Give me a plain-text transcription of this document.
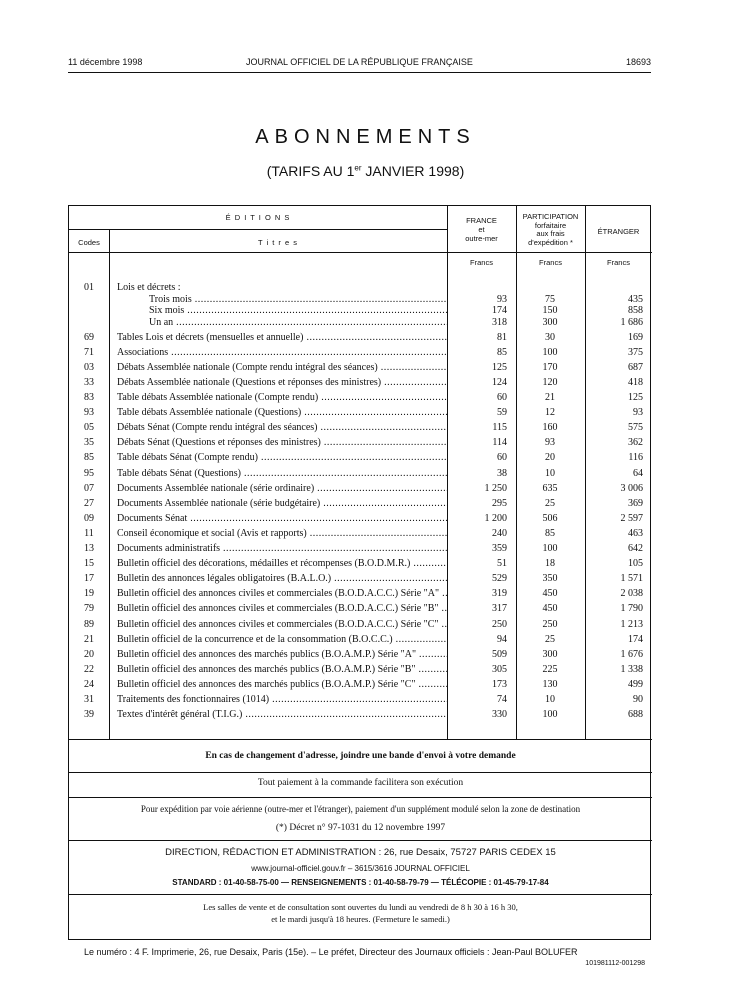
11 décembre 1998	JOURNAL OFFICIEL DE LA RÉPUBLIQUE FRANÇAISE	18693
ABONNEMENTS
(TARIFS AU 1er JANVIER 1998)
É D I T I O N S
Codes	T i t r e s
FRANCE
et
outre-mer
PARTICIPATION
forfaitaire
aux frais
d'expédition *
ÉTRANGER
Francs	Francs	Francs
01	Lois et décrets :
Trois mois .....	93	75	435
Six mois .....	174	150	858
Un an .....	318	300	1 686
69	Tables Lois et décrets (mensuelles et annuelle) .....	81	30	169
71	Associations .....	85	100	375
03	Débats Assemblée nationale (Compte rendu intégral des séances) .....	125	170	687
33	Débats Assemblée nationale (Questions et réponses des ministres) .....	124	120	418
83	Table débats Assemblée nationale (Compte rendu) .....	60	21	125
93	Table débats Assemblée nationale (Questions) .....	59	12	93
05	Débats Sénat (Compte rendu intégral des séances) .....	115	160	575
35	Débats Sénat (Questions et réponses des ministres) .....	114	93	362
85	Table débats Sénat (Compte rendu) .....	60	20	116
95	Table débats Sénat (Questions) .....	38	10	64
07	Documents Assemblée nationale (série ordinaire) .....	1 250	635	3 006
27	Documents Assemblée nationale (série budgétaire) .....	295	25	369
09	Documents Sénat .....	1 200	506	2 597
11	Conseil économique et social (Avis et rapports) .....	240	85	463
13	Documents administratifs .....	359	100	642
15	Bulletin officiel des décorations, médailles et récompenses (B.O.D.M.R.) .....	51	18	105
17	Bulletin des annonces légales obligatoires (B.A.L.O.) .....	529	350	1 571
19	Bulletin officiel des annonces civiles et commerciales (B.O.D.A.C.C.) Série "A" .....	319	450	2 038
79	Bulletin officiel des annonces civiles et commerciales (B.O.D.A.C.C.) Série "B" .....	317	450	1 790
89	Bulletin officiel des annonces civiles et commerciales (B.O.D.A.C.C.) Série "C" .....	250	250	1 213
21	Bulletin officiel de la concurrence et de la consommation (B.O.C.C.) .....	94	25	174
20	Bulletin officiel des annonces des marchés publics (B.O.A.M.P.) Série "A" .....	509	300	1 676
22	Bulletin officiel des annonces des marchés publics (B.O.A.M.P.) Série "B" .....	305	225	1 338
24	Bulletin officiel des annonces des marchés publics (B.O.A.M.P.) Série "C" .....	173	130	499
31	Traitements des fonctionnaires (1014) .....	74	10	90
39	Textes d'intérêt général (T.I.G.) .....	330	100	688
En cas de changement d'adresse, joindre une bande d'envoi à votre demande
Tout paiement à la commande facilitera son exécution
Pour expédition par voie aérienne (outre-mer et l'étranger), paiement d'un supplément modulé selon la zone de destination
(*) Décret n° 97-1031 du 12 novembre 1997
DIRECTION, RÉDACTION ET ADMINISTRATION : 26, rue Desaix, 75727 PARIS CEDEX 15
www.journal-officiel.gouv.fr – 3615/3616 JOURNAL OFFICIEL
STANDARD : 01-40-58-75-00 — RENSEIGNEMENTS : 01-40-58-79-79 — TÉLÉCOPIE : 01-45-79-17-84
Les salles de vente et de consultation sont ouvertes du lundi au vendredi de 8 h 30 à 16 h 30,
et le mardi jusqu'à 18 heures. (Fermeture le samedi.)
Le numéro : 4 F. Imprimerie, 26, rue Desaix, Paris (15e). – Le préfet, Directeur des Journaux officiels : Jean-Paul BOLUFER
101981112-001298
